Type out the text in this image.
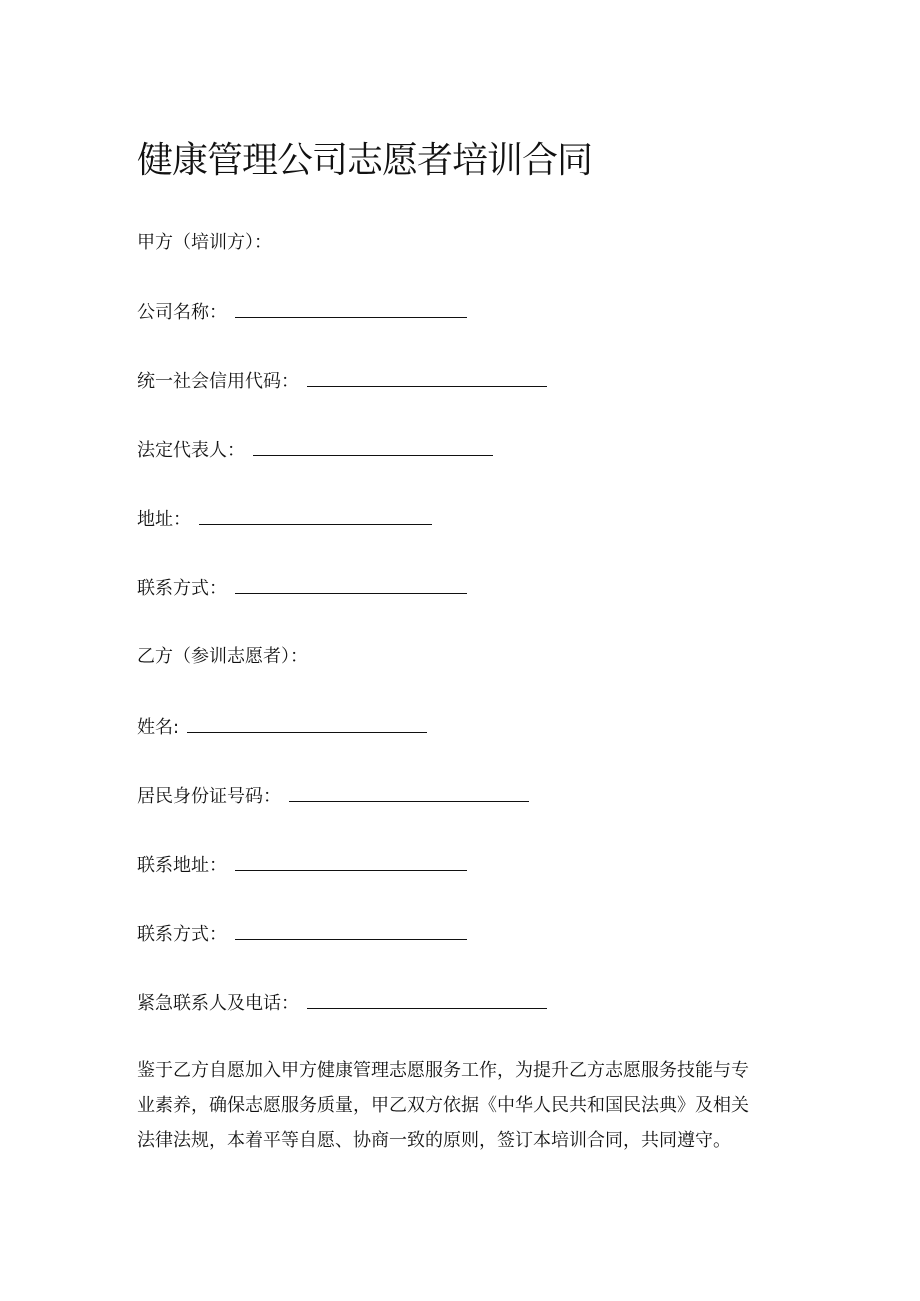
健康管理公司志愿者培训合同
甲方（培训方）：
公司名称：
统一社会信用代码：
法定代表人：
地址：
联系方式：
乙方（参训志愿者）：
姓名:
居民身份证号码：
联系地址：
联系方式：
紧急联系人及电话：
鉴于乙方自愿加入甲方健康管理志愿服务工作，为提升乙方志愿服务技能与专
业素养，确保志愿服务质量，甲乙双方依据《中华人民共和国民法典》及相关
法律法规，本着平等自愿、协商一致的原则，签订本培训合同，共同遵守。
